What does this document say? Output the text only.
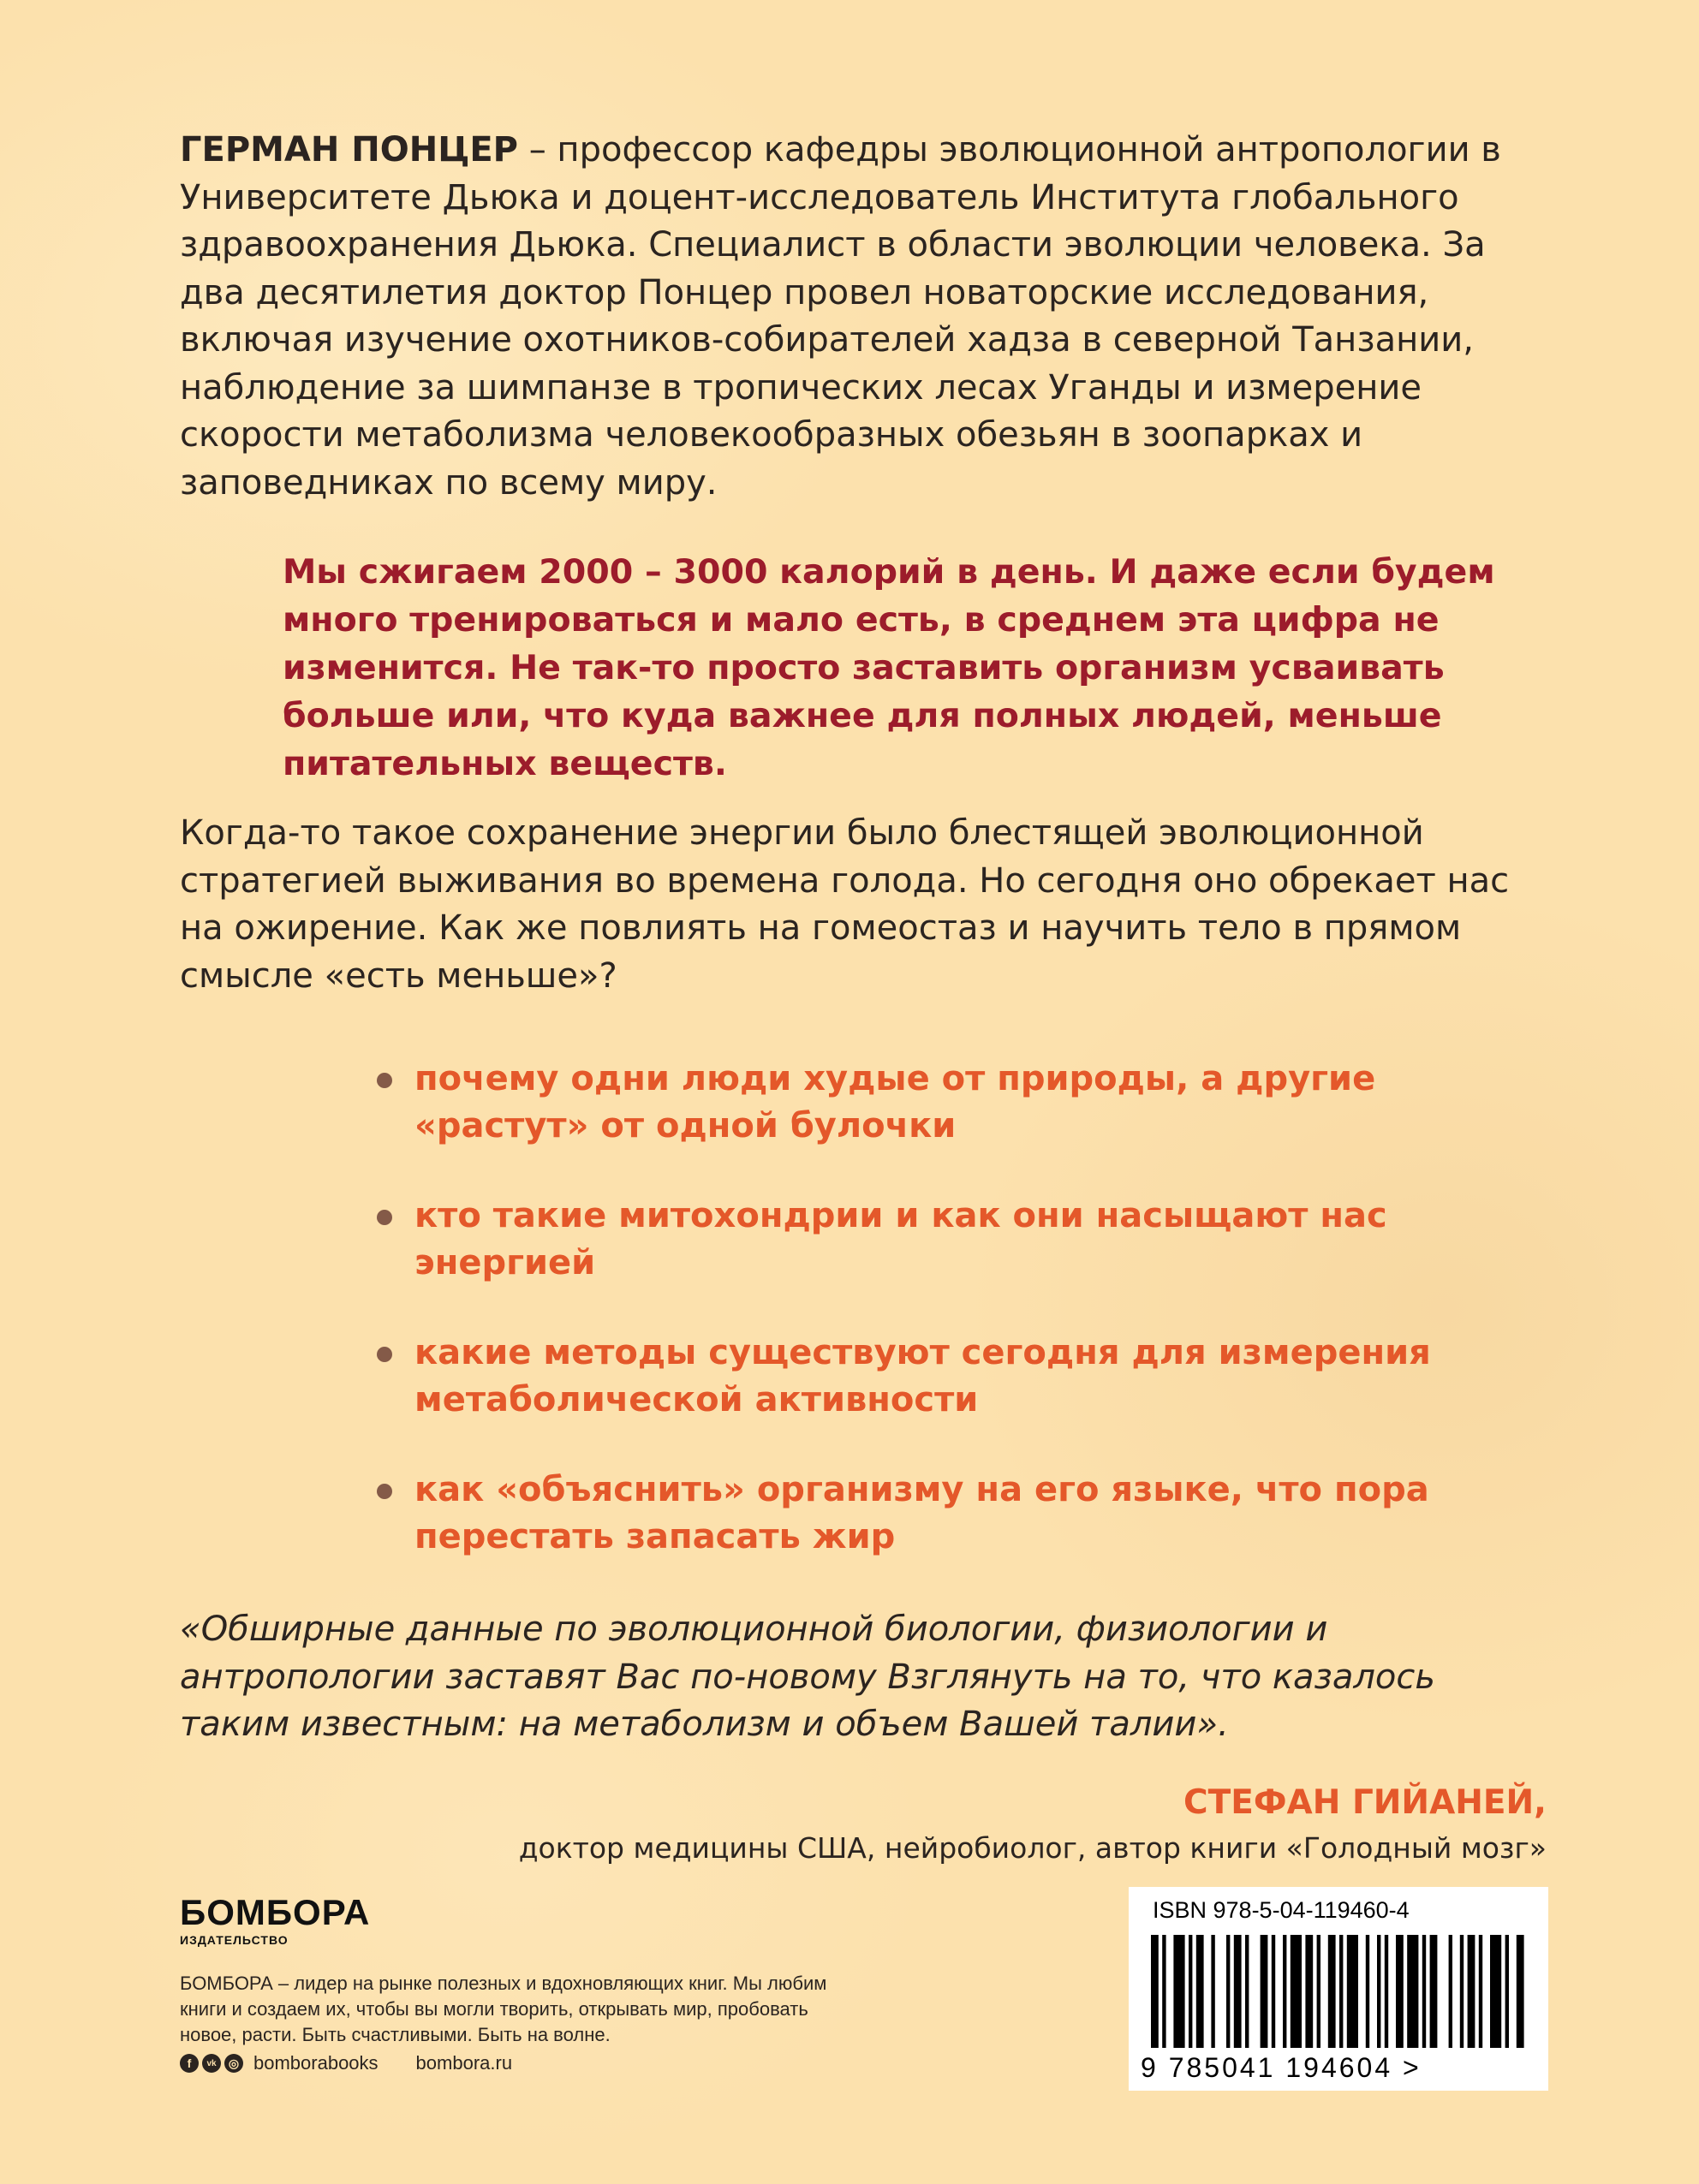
ГЕРМАН ПОНЦЕР – профессор кафедры эволюционной антропологии в Университете Дьюка и доцент-исследователь Института глобального здравоохранения Дьюка. Специалист в области эволюции человека. За два десятилетия доктор Понцер провел новаторские исследования, включая изучение охотников-собирателей хадза в северной Танзании, наблюдение за шимпанзе в тропических лесах Уганды и измерение скорости метаболизма человекообразных обезьян в зоопарках и заповедниках по всему миру.

Мы сжигаем 2000 – 3000 калорий в день. И даже если будем много тренироваться и мало есть, в среднем эта цифра не изменится. Не так-то просто заставить организм усваивать больше или, что куда важнее для полных людей, меньше питательных веществ.

Когда-то такое сохранение энергии было блестящей эволюционной стратегией выживания во времена голода. Но сегодня оно обрекает нас на ожирение. Как же повлиять на гомеостаз и научить тело в прямом смысле «есть меньше»?

почему одни люди худые от природы, а другие «растут» от одной булочки
кто такие митохондрии и как они насыщают нас энергией
какие методы существуют сегодня для измерения метаболической активности
как «объяснить» организму на его языке, что пора перестать запасать жир

«Обширные данные по эволюционной биологии, физиологии и антропологии заставят Вас по-новому Взглянуть на то, что казалось таким известным: на метаболизм и объем Вашей талии».

СТЕФАН ГИЙАНЕЙ,
доктор медицины США, нейробиолог, автор книги «Голодный мозг»
БОМБОРА
ИЗДАТЕЛЬСТВО

БОМБОРА – лидер на рынке полезных и вдохновляющих книг. Мы любим книги и создаем их, чтобы вы могли творить, открывать мир, пробовать новое, расти. Быть счастливыми. Быть на волне.

f	vk	◎ bomborabooks bombora.ru
ISBN 978-5-04-119460-4
9 785041 194604 >
